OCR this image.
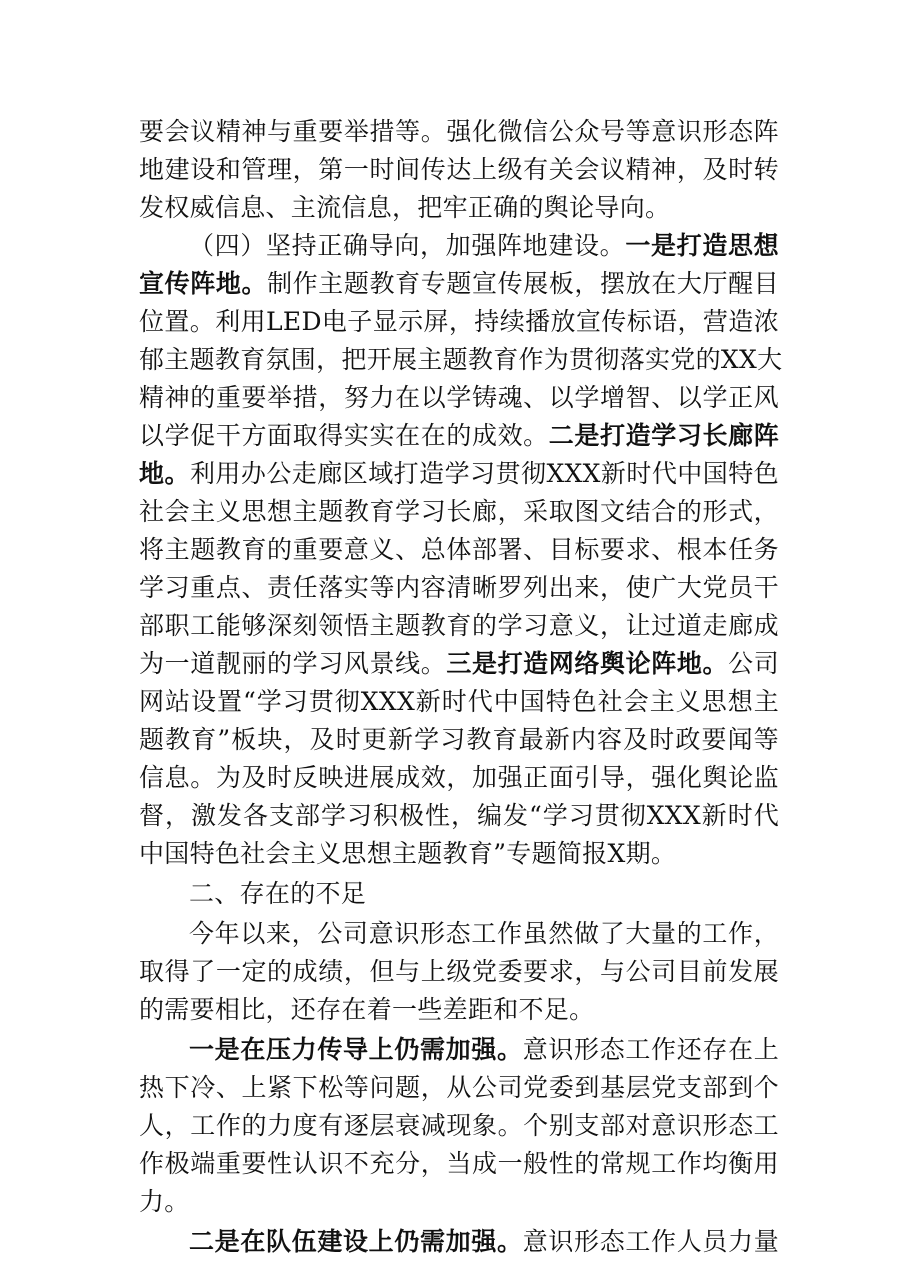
要会议精神与重要举措等。强化微信公众号等意识形态阵
地建设和管理，第一时间传达上级有关会议精神，及时转
发权威信息、主流信息，把牢正确的舆论导向。
（四）坚持正确导向，加强阵地建设。一是打造思想
宣传阵地。制作主题教育专题宣传展板，摆放在大厅醒目
位置。利用LED电子显示屏，持续播放宣传标语，营造浓
郁主题教育氛围，把开展主题教育作为贯彻落实党的XX大
精神的重要举措，努力在以学铸魂、以学增智、以学正风
以学促干方面取得实实在在的成效。二是打造学习长廊阵
地。利用办公走廊区域打造学习贯彻XXX新时代中国特色
社会主义思想主题教育学习长廊，采取图文结合的形式，
将主题教育的重要意义、总体部署、目标要求、根本任务
学习重点、责任落实等内容清晰罗列出来，使广大党员干
部职工能够深刻领悟主题教育的学习意义，让过道走廊成
为一道靓丽的学习风景线。三是打造网络舆论阵地。公司
网站设置“学习贯彻XXX新时代中国特色社会主义思想主
题教育”板块，及时更新学习教育最新内容及时政要闻等
信息。为及时反映进展成效，加强正面引导，强化舆论监
督，激发各支部学习积极性，编发“学习贯彻XXX新时代
中国特色社会主义思想主题教育”专题简报X期。
二、存在的不足
今年以来，公司意识形态工作虽然做了大量的工作，
取得了一定的成绩，但与上级党委要求，与公司目前发展
的需要相比，还存在着一些差距和不足。
一是在压力传导上仍需加强。意识形态工作还存在上
热下冷、上紧下松等问题，从公司党委到基层党支部到个
人，工作的力度有逐层衰减现象。个别支部对意识形态工
作极端重要性认识不充分，当成一般性的常规工作均衡用
力。
二是在队伍建设上仍需加强。意识形态工作人员力量
